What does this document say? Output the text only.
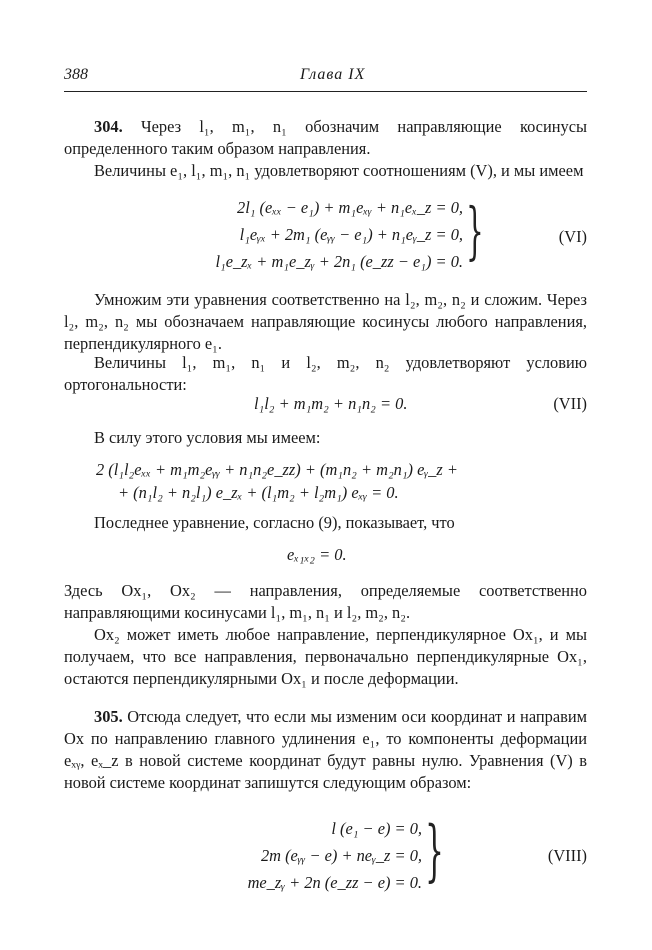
388	Глава IX
304. Через l₁, m₁, n₁ обозначим направляющие косинусы определенного таким образом направления.
Величины e₁, l₁, m₁, n₁ удовлетворяют соотношениям (V), и мы имеем
2l₁ (eₓₓ − e₁) + m₁eₓᵧ + n₁eₓ_z = 0,
l₁eᵧₓ + 2m₁ (eᵧᵧ − e₁) + n₁eᵧ_z = 0,
l₁e_zₓ + m₁e_zᵧ + 2n₁ (e_zz − e₁) = 0. }	(VI)
Умножим эти уравнения соответственно на l₂, m₂, n₂ и сложим. Через l₂, m₂, n₂ мы обозначаем направляющие косинусы любого направления, перпендикулярного e₁.
Величины l₁, m₁, n₁ и l₂, m₂, n₂ удовлетворяют условию ортогональности:
l₁l₂ + m₁m₂ + n₁n₂ = 0.	(VII)
В силу этого условия мы имеем:
2 (l₁l₂eₓₓ + m₁m₂eᵧᵧ + n₁n₂e_zz) + (m₁n₂ + m₂n₁) eᵧ_z +
+ (n₁l₂ + n₂l₁) e_zₓ + (l₁m₂ + l₂m₁) eₓᵧ = 0.
Последнее уравнение, согласно (9), показывает, что
eₓ₁ₓ₂ = 0.
Здесь Ox₁, Ox₂ — направления, определяемые соответственно направляющими косинусами l₁, m₁, n₁ и l₂, m₂, n₂.
Ox₂ может иметь любое направление, перпендикулярное Ox₁, и мы получаем, что все направления, первоначально перпендикулярные Ox₁, остаются перпендикулярными Ox₁ и после деформации.
305. Отсюда следует, что если мы изменим оси координат и направим Ox по направлению главного удлинения e₁, то компоненты деформации eₓᵧ, eₓ_z в новой системе координат будут равны нулю. Уравнения (V) в новой системе координат запишутся следующим образом:
l (e₁ − e) = 0,
2m (eᵧᵧ − e) + neᵧ_z = 0,
me_zᵧ + 2n (e_zz − e) = 0. }	(VIII)
